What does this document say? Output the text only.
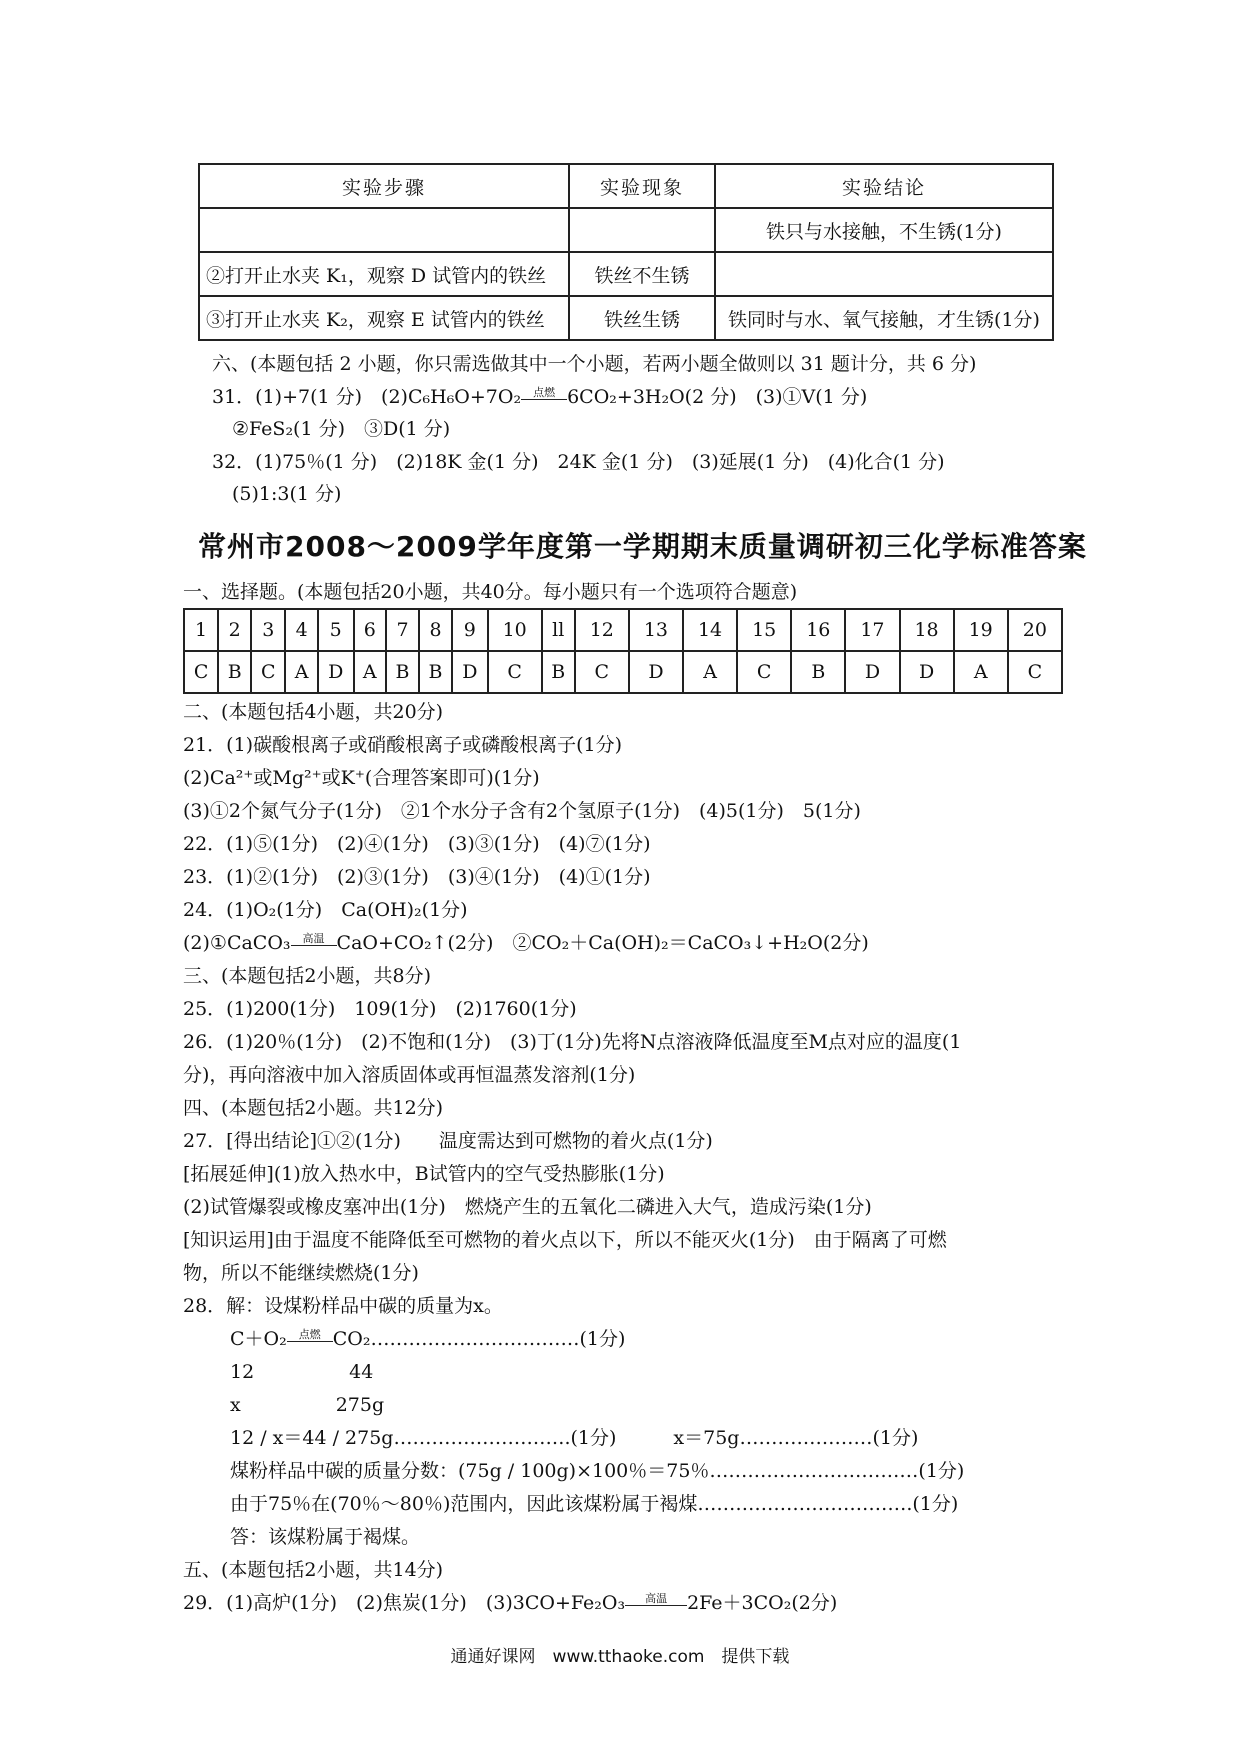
实验步骤	实验现象	实验结论
		铁只与水接触，不生锈(1分)
②打开止水夹 K₁，观察 D 试管内的铁丝	铁丝不生锈	
③打开止水夹 K₂，观察 E 试管内的铁丝	铁丝生锈	铁同时与水、氧气接触，才生锈(1分)
六、(本题包括 2 小题，你只需选做其中一个小题，若两小题全做则以 31 题计分，共 6 分)
31．(1)+7(1 分)　(2)C₆H₆O+7O₂ 点燃 6CO₂+3H₂O(2 分)　(3)①V(1 分)
②FeS₂(1 分)　③D(1 分)
32．(1)75％(1 分)　(2)18K 金(1 分)　24K 金(1 分)　(3)延展(1 分)　(4)化合(1 分)
(5)1:3(1 分)
常州市2008～2009学年度第一学期期末质量调研初三化学标准答案
一、选择题。(本题包括20小题，共40分。每小题只有一个选项符合题意)
1	2	3	4	5	6	7	8	9	10	ll	12	13	14	15	16	17	18	19	20
C	B	C	A	D	A	B	B	D	C	B	C	D	A	C	B	D	D	A	C
二、(本题包括4小题，共20分)
21．(1)碳酸根离子或硝酸根离子或磷酸根离子(1分)
(2)Ca²⁺或Mg²⁺或K⁺(合理答案即可)(1分)
(3)①2个氮气分子(1分)　②1个水分子含有2个氢原子(1分)　(4)5(1分)　5(1分)
22．(1)⑤(1分)　(2)④(1分)　(3)③(1分)　(4)⑦(1分)
23．(1)②(1分)　(2)③(1分)　(3)④(1分)　(4)①(1分)
24．(1)O₂(1分)　Ca(OH)₂(1分)
(2)①CaCO₃ 高温 CaO+CO₂↑(2分)　②CO₂＋Ca(OH)₂＝CaCO₃↓+H₂O(2分)
三、(本题包括2小题，共8分)
25．(1)200(1分)　109(1分)　(2)1760(1分)
26．(1)20％(1分)　(2)不饱和(1分)　(3)丁(1分)先将N点溶液降低温度至M点对应的温度(1
分)，再向溶液中加入溶质固体或再恒温蒸发溶剂(1分)
四、(本题包括2小题。共12分)
27．[得出结论]①②(1分)　　温度需达到可燃物的着火点(1分)
[拓展延伸](1)放入热水中，B试管内的空气受热膨胀(1分)
(2)试管爆裂或橡皮塞冲出(1分)　燃烧产生的五氧化二磷进入大气，造成污染(1分)
[知识运用]由于温度不能降低至可燃物的着火点以下，所以不能灭火(1分)　由于隔离了可燃
物，所以不能继续燃烧(1分)
28．解：设煤粉样品中碳的质量为x。
C＋O₂ 点燃 CO₂……………………………(1分)
12　　　　　44
x　　　　　275g
12 / x＝44 / 275g……………………….(1分)　　　x＝75g…………………(1分)
煤粉样品中碳的质量分数：(75g / 100g)×100％＝75％……………………………(1分)
由于75％在(70％～80％)范围内，因此该煤粉属于褐煤…………………………….(1分)
答：该煤粉属于褐煤。
五、(本题包括2小题，共14分)
29．(1)高炉(1分)　(2)焦炭(1分)　(3)3CO+Fe₂O₃ 高温 2Fe＋3CO₂(2分)
通通好课网　www.tthaoke.com　提供下载
